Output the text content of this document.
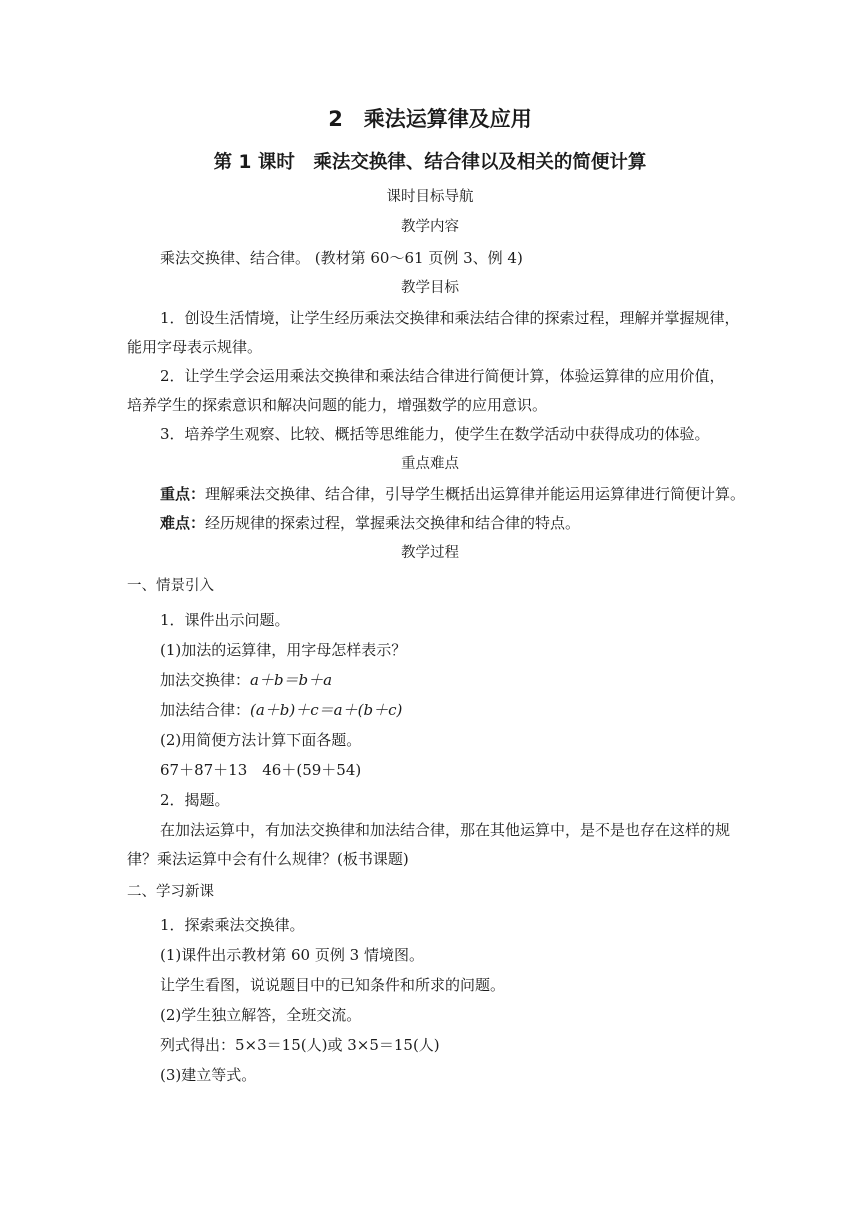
2　乘法运算律及应用
第 1 课时　乘法交换律、结合律以及相关的简便计算
课时目标导航
教学内容
乘法交换律、结合律。 (教材第 60～61 页例 3、例 4)
教学目标
1．创设生活情境，让学生经历乘法交换律和乘法结合律的探索过程，理解并掌握规律，
能用字母表示规律。
2．让学生学会运用乘法交换律和乘法结合律进行简便计算，体验运算律的应用价值，
培养学生的探索意识和解决问题的能力，增强数学的应用意识。
3．培养学生观察、比较、概括等思维能力，使学生在数学活动中获得成功的体验。
重点难点
重点：理解乘法交换律、结合律，引导学生概括出运算律并能运用运算律进行简便计算。
难点：经历规律的探索过程，掌握乘法交换律和结合律的特点。
教学过程
一、情景引入
1．课件出示问题。
(1)加法的运算律，用字母怎样表示？
加法交换律：a＋b＝b＋a
加法结合律：(a＋b)＋c＝a＋(b＋c)
(2)用简便方法计算下面各题。
67＋87＋13　46＋(59＋54)
2．揭题。
在加法运算中，有加法交换律和加法结合律，那在其他运算中，是不是也存在这样的规
律？乘法运算中会有什么规律？(板书课题)
二、学习新课
1．探索乘法交换律。
(1)课件出示教材第 60 页例 3 情境图。
让学生看图，说说题目中的已知条件和所求的问题。
(2)学生独立解答，全班交流。
列式得出：5×3＝15(人)或 3×5＝15(人)
(3)建立等式。
